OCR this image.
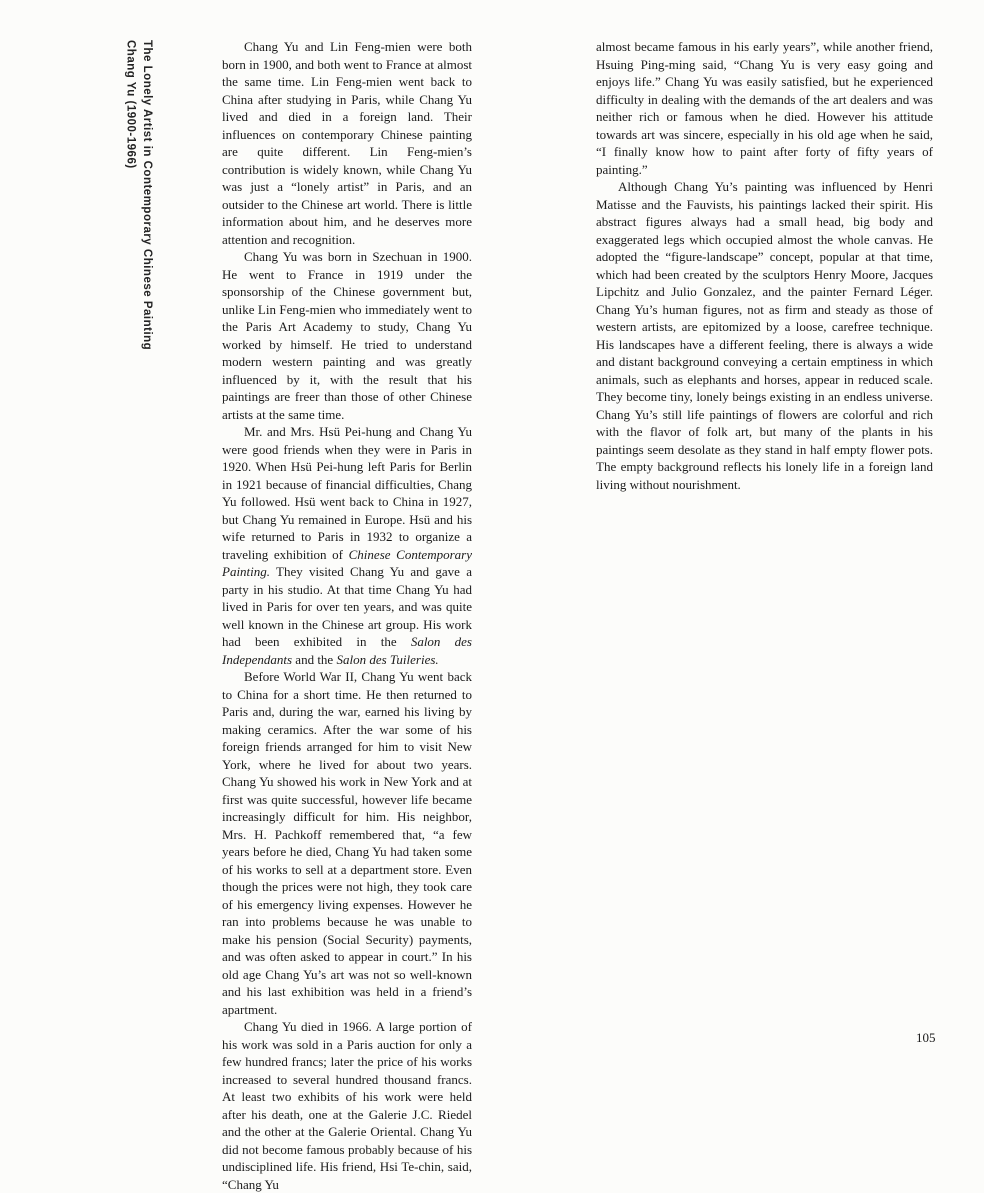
Chang Yu (1900-1966) The Lonely Artist in Contemporary Chinese Painting	Chang Yu and Lin Feng-mien were both born in 1900, and both went to France at almost the same time. Lin Feng-mien went back to China after studying in Paris, while Chang Yu lived and died in a foreign land. Their influences on contemporary Chinese painting are quite different. Lin Feng-mien’s contribution is widely known, while Chang Yu was just a “lonely artist” in Paris, and an outsider to the Chinese art world. There is little information about him, and he deserves more attention and recognition.

Chang Yu was born in Szechuan in 1900. He went to France in 1919 under the sponsorship of the Chinese government but, unlike Lin Feng-mien who immediately went to the Paris Art Academy to study, Chang Yu worked by himself. He tried to understand modern western painting and was greatly influenced by it, with the result that his paintings are freer than those of other Chinese artists at the same time.

Mr. and Mrs. Hsü Pei-hung and Chang Yu were good friends when they were in Paris in 1920. When Hsü Pei-hung left Paris for Berlin in 1921 because of financial difficulties, Chang Yu followed. Hsü went back to China in 1927, but Chang Yu remained in Europe. Hsü and his wife returned to Paris in 1932 to organize a traveling exhibition of Chinese Contemporary Painting. They visited Chang Yu and gave a party in his studio. At that time Chang Yu had lived in Paris for over ten years, and was quite well known in the Chinese art group. His work had been exhibited in the Salon des Independants and the Salon des Tuileries.

Before World War II, Chang Yu went back to China for a short time. He then returned to Paris and, during the war, earned his living by making ceramics. After the war some of his foreign friends arranged for him to visit New York, where he lived for about two years. Chang Yu showed his work in New York and at first was quite successful, however life became increasingly difficult for him. His neighbor, Mrs. H. Pachkoff remembered that, “a few years before he died, Chang Yu had taken some of his works to sell at a department store. Even though the prices were not high, they took care of his emergency living expenses. However he ran into problems because he was unable to make his pension (Social Security) payments, and was often asked to appear in court.” In his old age Chang Yu’s art was not so well-known and his last exhibition was held in a friend’s apartment.

Chang Yu died in 1966. A large portion of his work was sold in a Paris auction for only a few hundred francs; later the price of his works increased to several hundred thousand francs. At least two exhibits of his work were held after his death, one at the Galerie J.C. Riedel and the other at the Galerie Oriental. Chang Yu did not become famous probably because of his undisciplined life. His friend, Hsi Te-chin, said, “Chang Yu

almost became famous in his early years”, while another friend, Hsuing Ping-ming said, “Chang Yu is very easy going and enjoys life.” Chang Yu was easily satisfied, but he experienced difficulty in dealing with the demands of the art dealers and was neither rich or famous when he died. However his attitude towards art was sincere, especially in his old age when he said, “I finally know how to paint after forty of fifty years of painting.”

Although Chang Yu’s painting was influenced by Henri Matisse and the Fauvists, his paintings lacked their spirit. His abstract figures always had a small head, big body and exaggerated legs which occupied almost the whole canvas. He adopted the “figure-landscape” concept, popular at that time, which had been created by the sculptors Henry Moore, Jacques Lipchitz and Julio Gonzalez, and the painter Fernard Léger. Chang Yu’s human figures, not as firm and steady as those of western artists, are epitomized by a loose, carefree technique. His landscapes have a different feeling, there is always a wide and distant background conveying a certain emptiness in which animals, such as elephants and horses, appear in reduced scale. They become tiny, lonely beings existing in an endless universe. Chang Yu’s still life paintings of flowers are colorful and rich with the flavor of folk art, but many of the plants in his paintings seem desolate as they stand in half empty flower pots. The empty background reflects his lonely life in a foreign land living without nourishment.

105
